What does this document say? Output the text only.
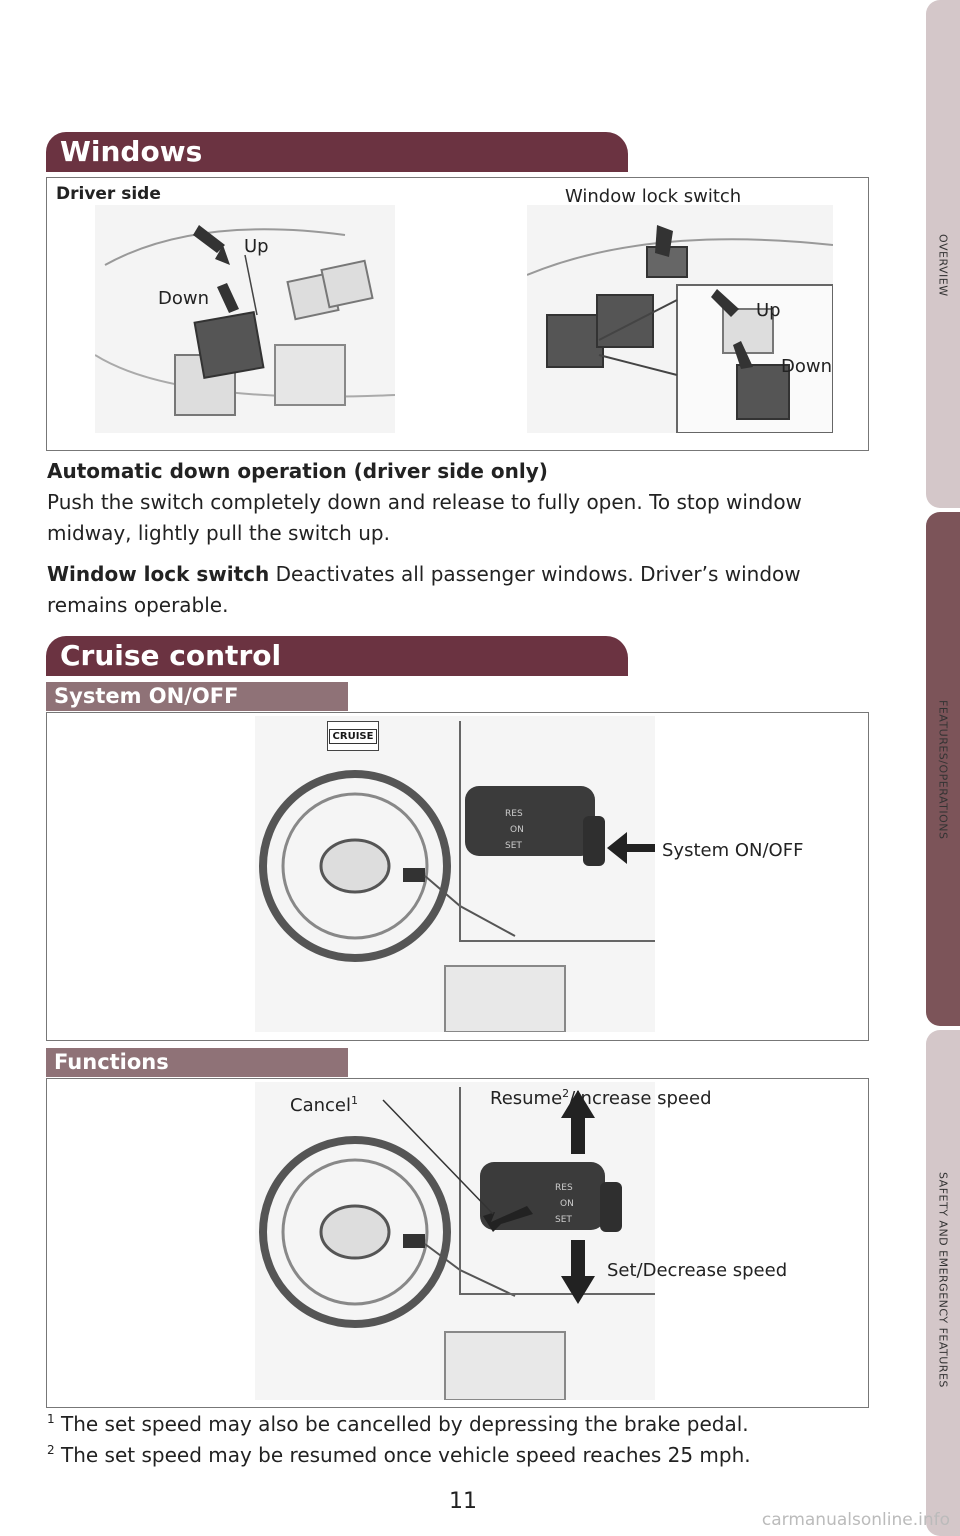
OVERVIEW
FEATURES/OPERATIONS
SAFETY AND EMERGENCY FEATURES
Windows
Driver side
Up
Down
Window lock switch
Up
Down
Automatic down operation (driver side only)
Push the switch completely down and release to fully open. To stop window midway, lightly pull the switch up.
Window lock switch Deactivates all passenger windows. Driver’s window remains operable.
Cruise control
System ON/OFF
RES
ON
SET
CRUISE
System ON/OFF
Functions
RES
ON
SET
Cancel$^1$	Resume$^2$/Increase speed
Set/Decrease speed
$^1$ The set speed may also be cancelled by depressing the brake pedal.
$^2$ The set speed may be resumed once vehicle speed reaches 25 mph.
11
carmanualsonline.info
